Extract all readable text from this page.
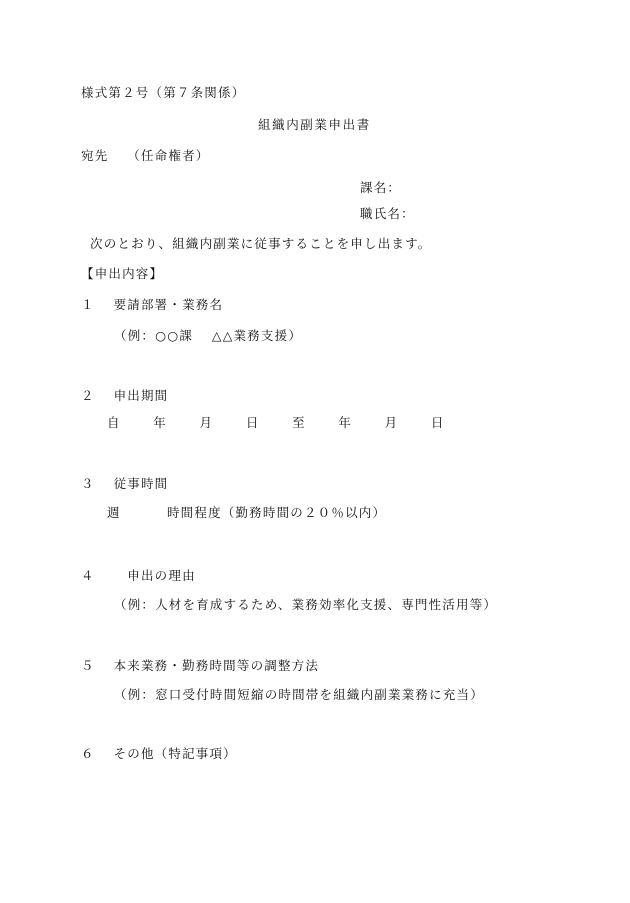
様式第２号（第７条関係）
組織内副業申出書
宛先　 （任命権者）
課名：
職氏名：
次のとおり、組織内副業に従事することを申し出ます。
【申出内容】
１　 要請部署・業務名
（例：○○課　 △△業務支援）
２　 申出期間
自　　 年　　 月　　 日　　 至　　 年　　 月　　 日
３　 従事時間
週　　　 時間程度（勤務時間の２０％以内）
４　　 申出の理由
（例：人材を育成するため、業務効率化支援、専門性活用等）
５　 本来業務・勤務時間等の調整方法
（例：窓口受付時間短縮の時間帯を組織内副業業務に充当）
６　 その他（特記事項）
